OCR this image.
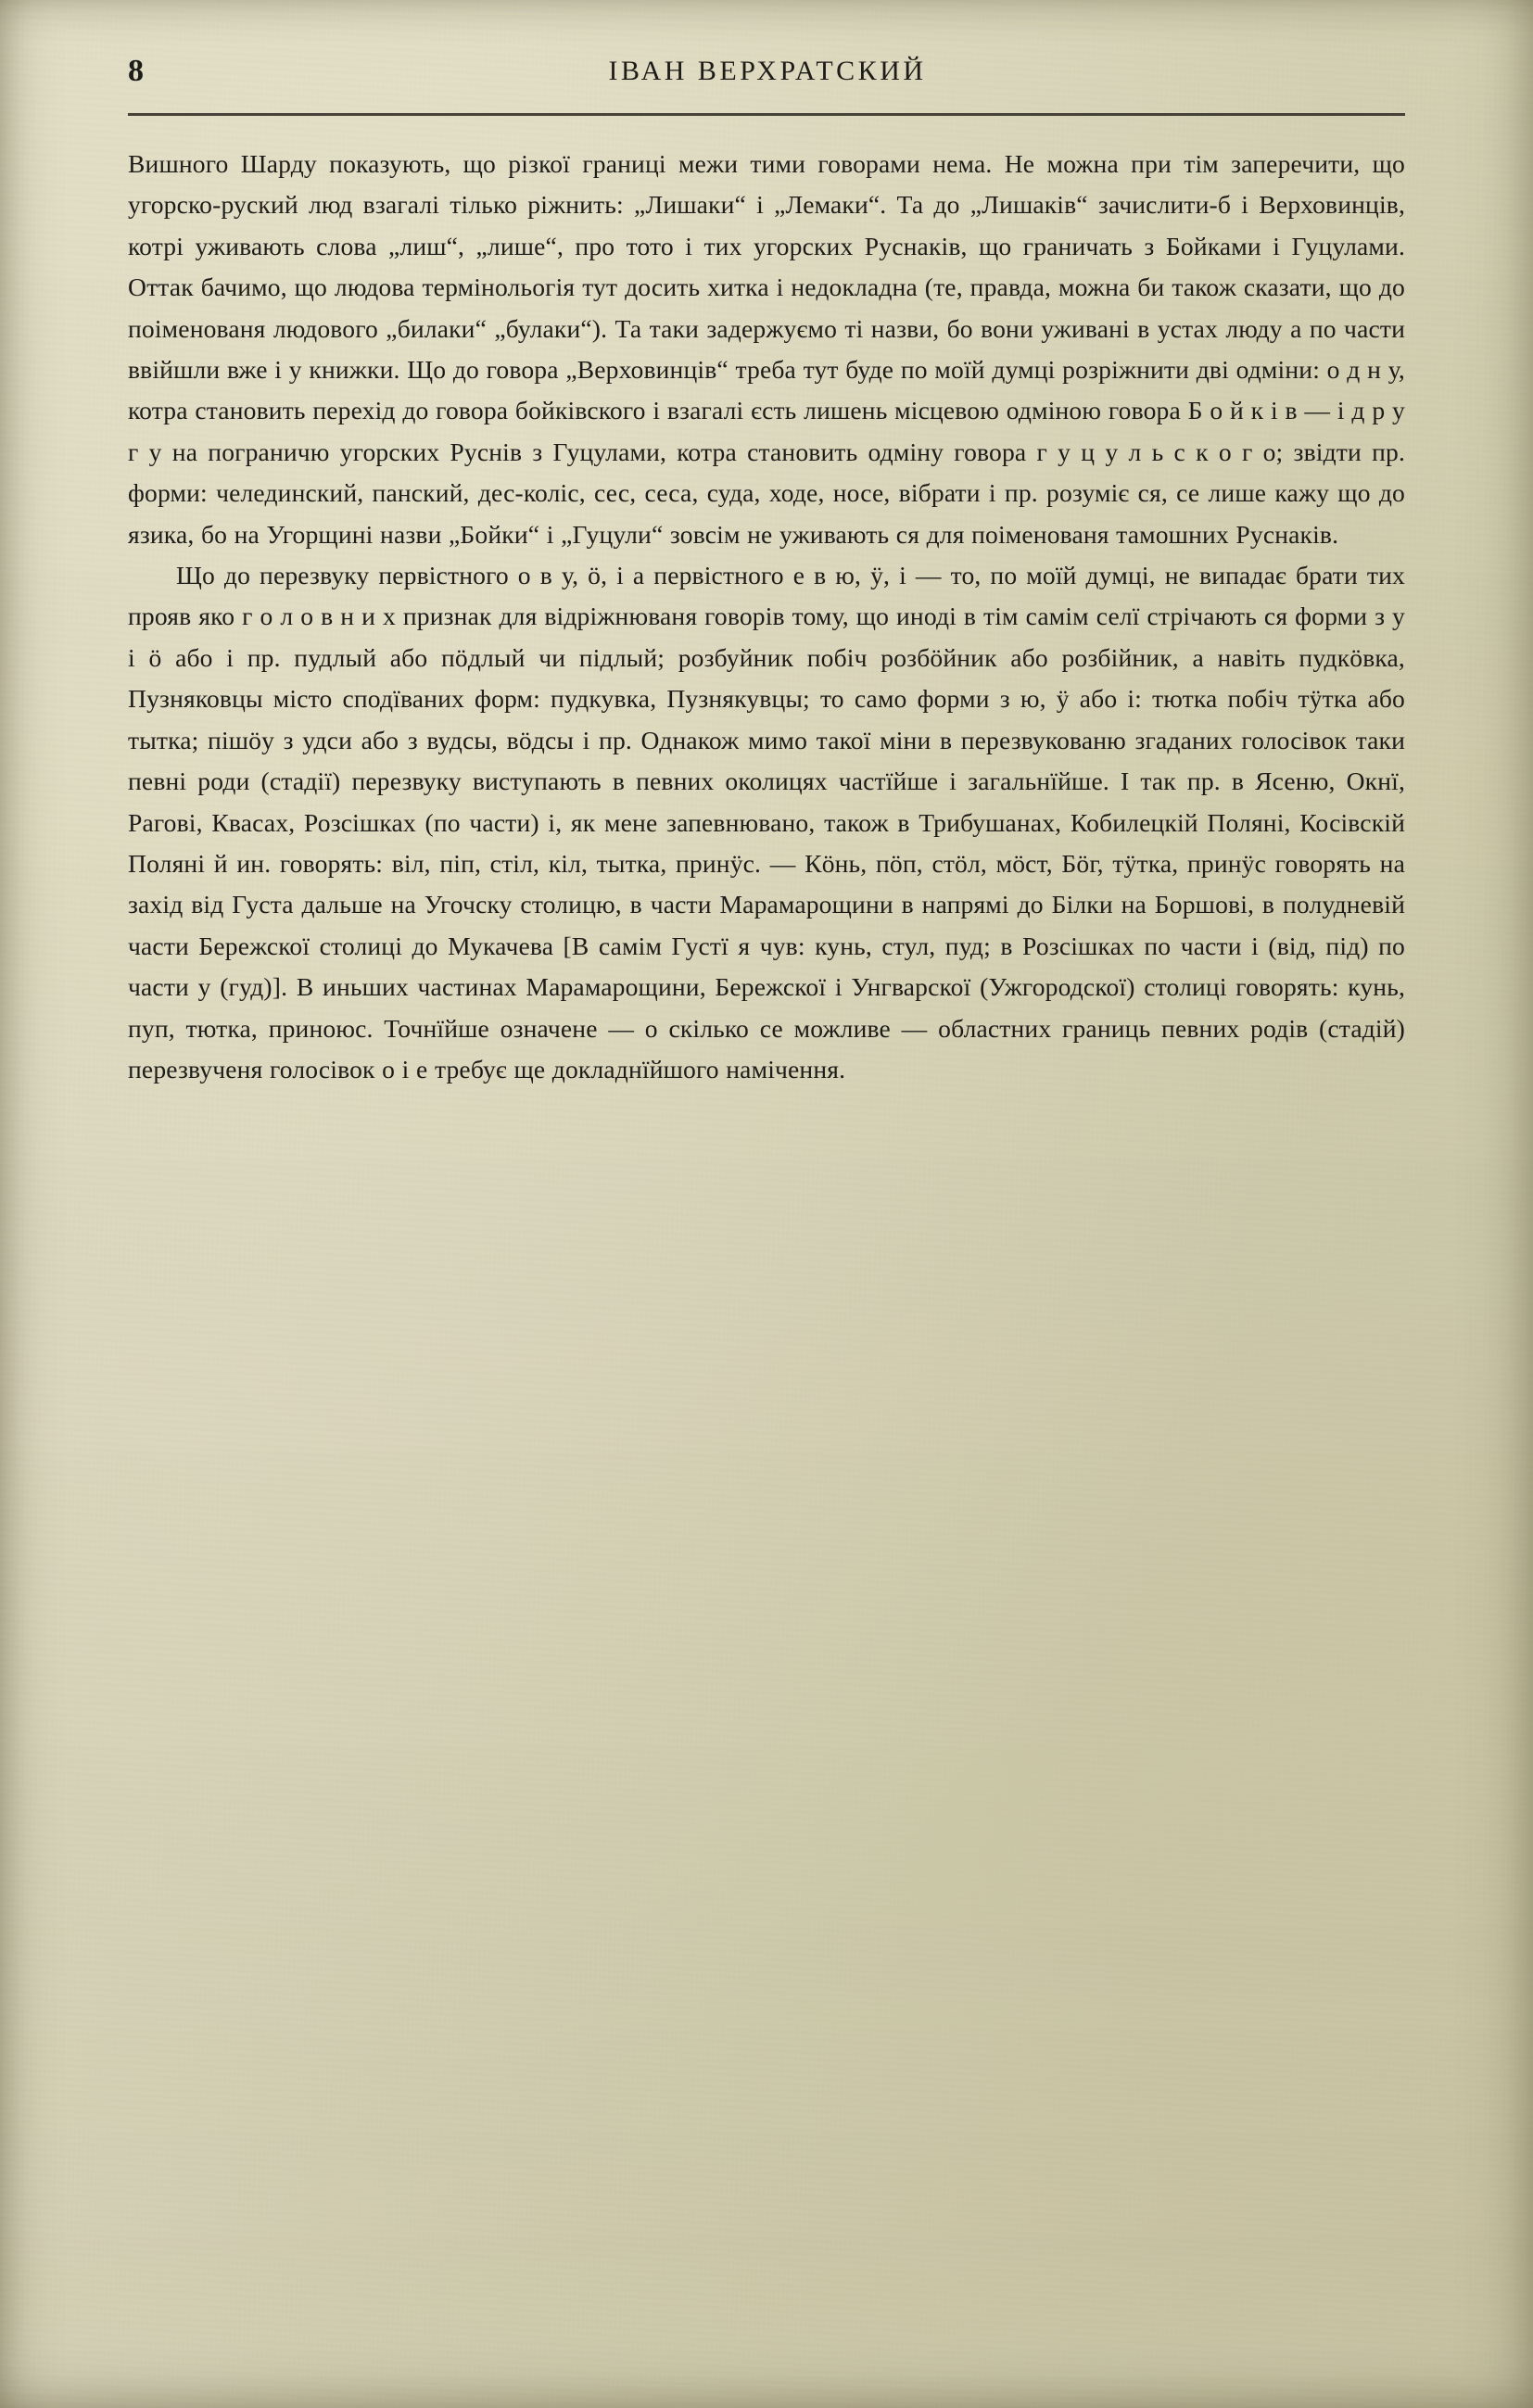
8	ІВАН ВЕРХРАТСКИЙ

Вишного Шарду показують, що різкої границі межи тими говорами нема. Не можна при тім заперечити, що угорско-руский люд взагалі тілько ріжнить: „Лишаки“ і „Лемаки“. Та до „Лишаків“ зачислити-б і Верховинців, котрі уживають слова „лиш“, „лише“, про тото і тих угорских Руснаків, що граничать з Бойками і Гуцулами. Оттак бачимо, що людова термінольогія тут досить хитка і недокладна (те, правда, можна би також сказати, що до поіменованя людового „билаки“ „булаки“). Та таки задержуємо ті назви, бо вони уживані в устах люду а по части ввійшли вже і у книжки. Що до говора „Верховинців“ треба тут буде по моїй думці розріжнити дві одміни: о д н у, котра становить перехід до говора бойківского і взагалі єсть лишень місцевою одміною говора Б о й к і в — і д р у г у на пограничю угорских Руснів з Гуцулами, котра становить одміну говора г у ц у л ь с к о г о; звідти пр. форми: челединский, панский, дес-коліс, сес, сеса, суда, ходе, носе, вібрати і пр. розуміє ся, се лише кажу що до язика, бо на Угорщині назви „Бойки“ і „Гуцули“ зовсім не уживають ся для поіменованя тамошних Руснаків.

Що до перезвуку первістного о в у, ö, і а первістного е в ю, ÿ, і — то, по моїй думці, не випадає брати тих прояв яко г о л о в н и х признак для відріжнюваня говорів тому, що иноді в тім самім селї стрічають ся форми з у і ö або і пр. пудлый або пöдлый чи пiдлый; розбуйник побіч розбöйник або розбійник, а навіть пудкöвка, Пузняковцы місто сподїваних форм: пудкувка, Пузнякувцы; то само форми з ю, ÿ або і: тютка побіч тÿтка або тытка; пішöy з удси або з вудсы, вöдсы і пр. Однакож мимо такої міни в перезвукованю згаданих голосівок таки певні роди (стадії) перезвуку виступають в певних околицях частїйше і загальнїйше. І так пр. в Ясеню, Окнї, Рагові, Квасах, Розсішках (по части) і, як мене запевнювано, також в Трибушанах, Кобилецкій Поляні, Косівскій Поляні й ин. говорять: віл, піп, стіл, кіл, тытка, принÿс. — Кöнь, пöп, стöл, мöст, Бöг, тÿтка, принÿс говорять на захід від Густа дальше на Угочску столицю, в части Марамарощини в напрямі до Білки на Боршові, в полудневій части Бережскої столиці до Мукачева [В самім Густї я чув: кунь, стул, пуд; в Розсішках по части і (від, під) по части у (гуд)]. В иньших частинах Марамарощини, Бережскої і Унгварскої (Ужгородскої) столиці говорять: кунь, пуп, тютка, приноюс. Точнїйше означене — о скілько се можливе — областних границь певних родів (стадій) перезвученя голосівок о і е требує ще докладнїйшого намічення.
